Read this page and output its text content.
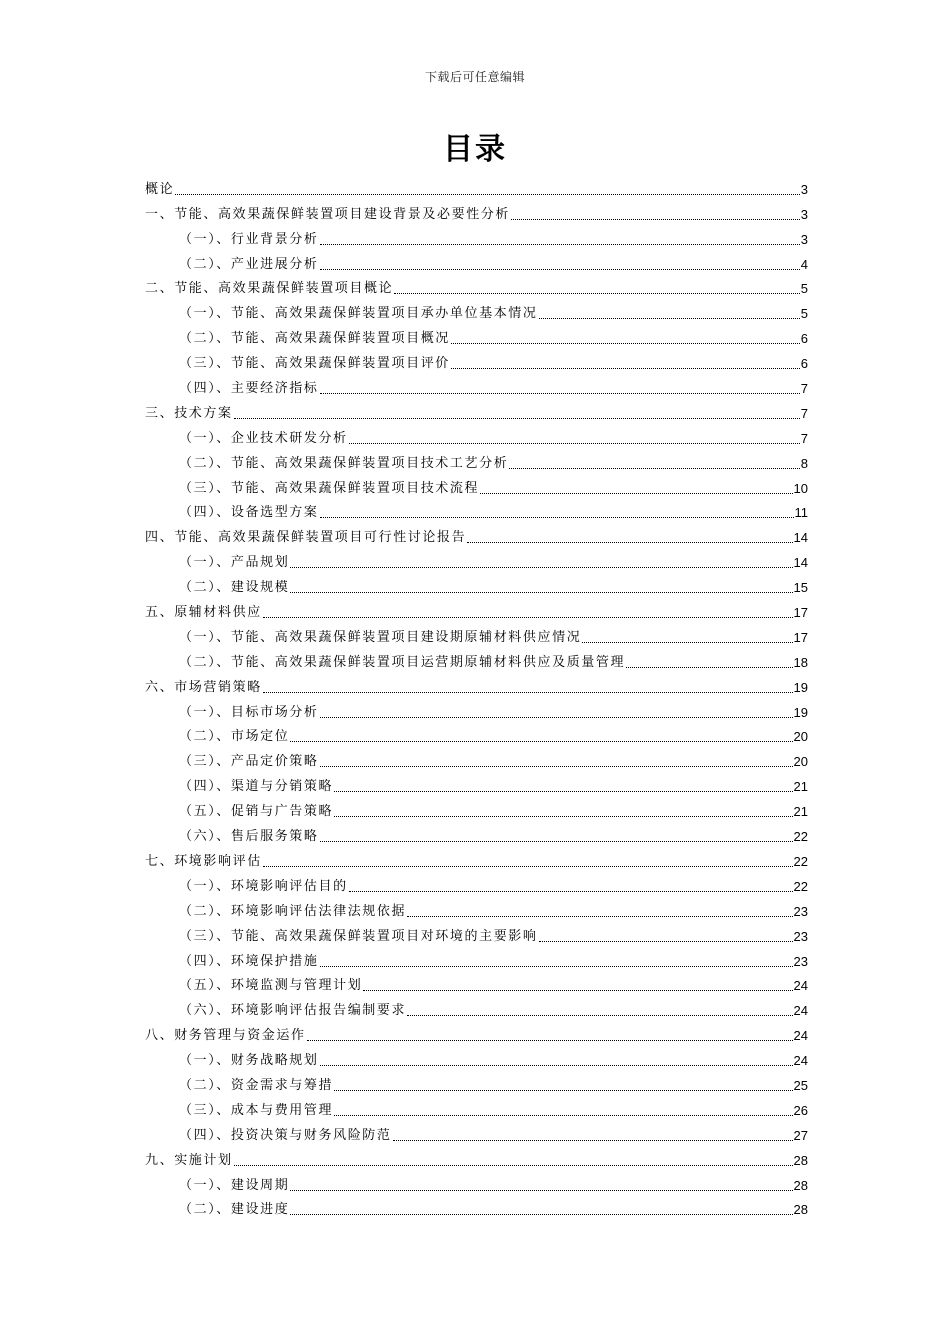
下载后可任意编辑
目录
概论	3
一、节能、高效果蔬保鲜装置项目建设背景及必要性分析	3
（一）、行业背景分析	3
（二）、产业进展分析	4
二、节能、高效果蔬保鲜装置项目概论	5
（一）、节能、高效果蔬保鲜装置项目承办单位基本情况	5
（二）、节能、高效果蔬保鲜装置项目概况	6
（三）、节能、高效果蔬保鲜装置项目评价	6
（四）、主要经济指标	7
三、技术方案	7
（一）、企业技术研发分析	7
（二）、节能、高效果蔬保鲜装置项目技术工艺分析	8
（三）、节能、高效果蔬保鲜装置项目技术流程	10
（四）、设备选型方案	11
四、节能、高效果蔬保鲜装置项目可行性讨论报告	14
（一）、产品规划	14
（二）、建设规模	15
五、原辅材料供应	17
（一）、节能、高效果蔬保鲜装置项目建设期原辅材料供应情况	17
（二）、节能、高效果蔬保鲜装置项目运营期原辅材料供应及质量管理	18
六、市场营销策略	19
（一）、目标市场分析	19
（二）、市场定位	20
（三）、产品定价策略	20
（四）、渠道与分销策略	21
（五）、促销与广告策略	21
（六）、售后服务策略	22
七、环境影响评估	22
（一）、环境影响评估目的	22
（二）、环境影响评估法律法规依据	23
（三）、节能、高效果蔬保鲜装置项目对环境的主要影响	23
（四）、环境保护措施	23
（五）、环境监测与管理计划	24
（六）、环境影响评估报告编制要求	24
八、财务管理与资金运作	24
（一）、财务战略规划	24
（二）、资金需求与筹措	25
（三）、成本与费用管理	26
（四）、投资决策与财务风险防范	27
九、实施计划	28
（一）、建设周期	28
（二）、建设进度	28
